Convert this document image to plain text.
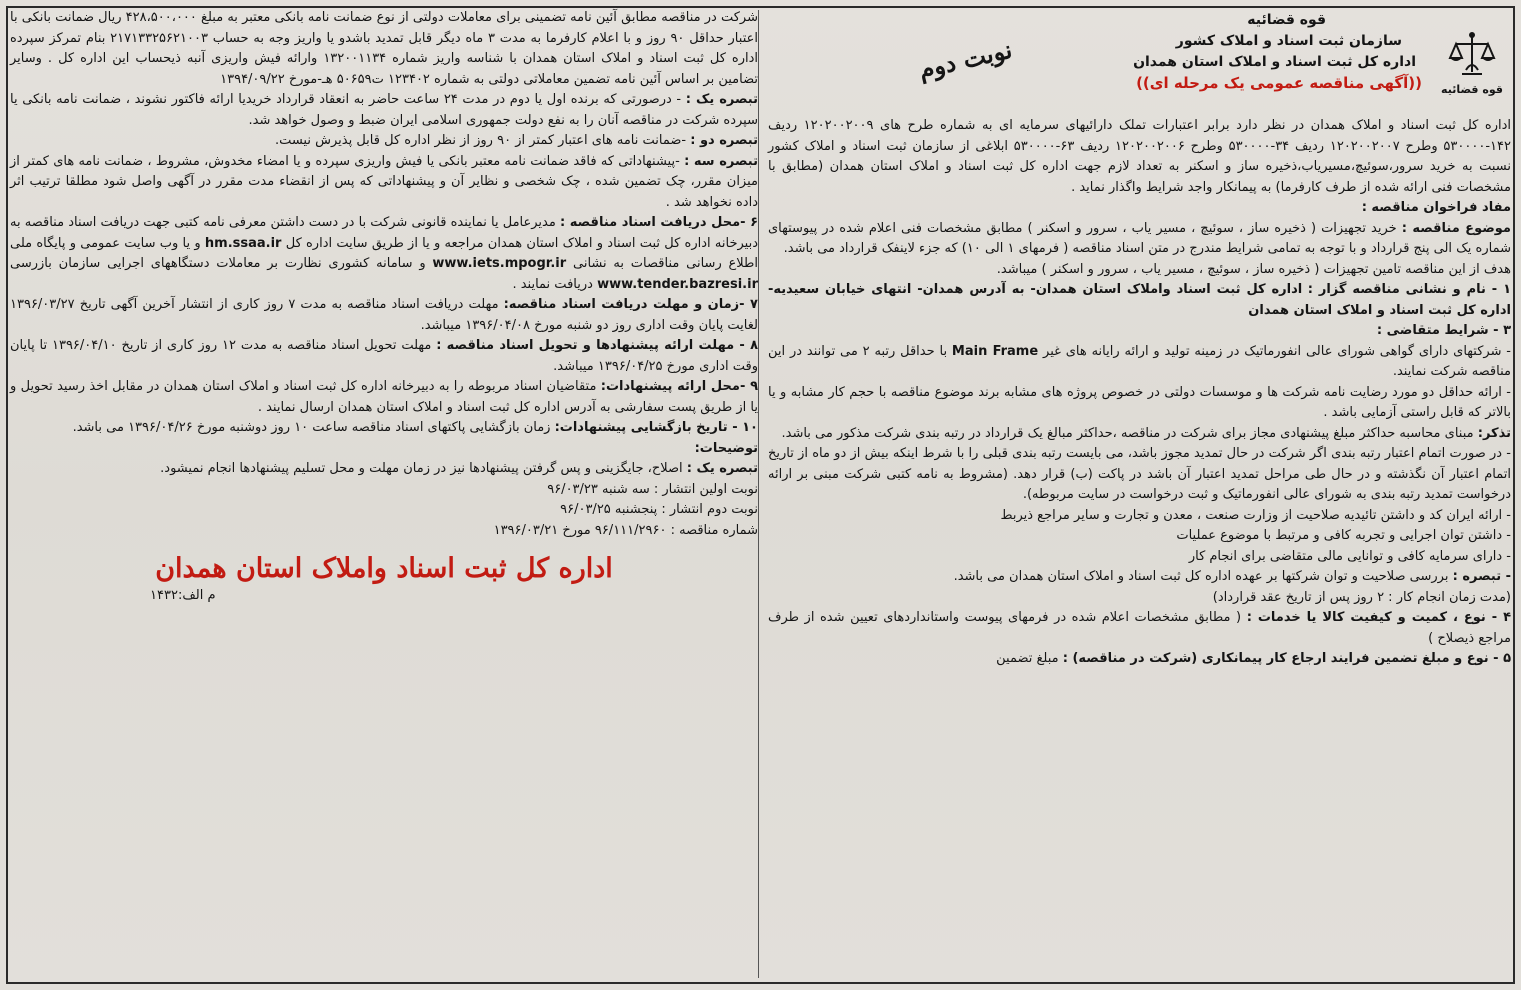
قوه قضائیه
قوه قضائیه
سازمان ثبت اسناد و املاک کشور
اداره کل ثبت اسناد و املاک استان همدان
((آگهی مناقصه عمومی یک مرحله ای))
نوبت دوم

اداره کل ثبت اسناد و املاک همدان در نظر دارد برابر اعتبارات تملک دارائیهای سرمایه ای به شماره طرح های ۱۲۰۲۰۰۲۰۰۹ ردیف ۱۴۲-۵۳۰۰۰۰ وطرح ۱۲۰۲۰۰۲۰۰۷ ردیف ۳۴-۵۳۰۰۰۰ وطرح ۱۲۰۲۰۰۲۰۰۶ ردیف ۶۳-۵۳۰۰۰۰ ابلاغی از سازمان ثبت اسناد و املاک کشور نسبت به خرید سرور،سوئیچ،مسیریاب،ذخیره ساز و اسکنر به تعداد لازم جهت اداره کل ثبت اسناد و املاک استان همدان (مطابق با مشخصات فنی ارائه شده از طرف کارفرما) به پیمانکار واجد شرایط واگذار نماید .

مفاد فراخوان مناقصه :

موضوع مناقصه : خرید تجهیزات ( ذخیره ساز ، سوئیچ ، مسیر یاب ، سرور و اسکنر ) مطابق مشخصات فنی اعلام شده در پیوستهای شماره یک الی پنج قرارداد و با توجه به تمامی شرایط مندرج در متن اسناد مناقصه ( فرمهای ۱ الی ۱۰) که جزء لاینفک قرارداد می باشد.

هدف از این مناقصه تامین تجهیزات ( ذخیره ساز ، سوئیچ ، مسیر یاب ، سرور و اسکنر ) میباشد.

۱ - نام و نشانی مناقصه گزار : اداره کل ثبت اسناد واملاک استان همدان- به آدرس همدان- انتهای خیابان سعیدیه-اداره کل ثبت اسناد و املاک استان همدان

۳ - شرایط متقاضی :

- شرکتهای دارای گواهی شورای عالی انفورماتیک در زمینه تولید و ارائه رایانه های غیر Main Frame با حداقل رتبه ۲ می توانند در این مناقصه شرکت نمایند.

- ارائه حداقل دو مورد رضایت نامه شرکت ها و موسسات دولتی در خصوص پروژه های مشابه برند موضوع مناقصه با حجم کار مشابه و یا بالاتر که قابل راستی آزمایی باشد .

تذکر: مبنای محاسبه حداکثر مبلغ پیشنهادی مجاز برای شرکت در مناقصه ،حداکثر مبالغ یک قرارداد در رتبه بندی شرکت مذکور می باشد.

- در صورت اتمام اعتبار رتبه بندی اگر شرکت در حال تمدید مجوز باشد، می بایست رتبه بندی قبلی را با شرط اینکه بیش از دو ماه از تاریخ اتمام اعتبار آن نگذشته و در حال طی مراحل تمدید اعتبار آن باشد در پاکت (ب) قرار دهد. (مشروط به نامه کتبی شرکت مبنی بر ارائه درخواست تمدید رتبه بندی به شورای عالی انفورماتیک و ثبت درخواست در سایت مربوطه).

- ارائه ایران کد و داشتن تائیدیه صلاحیت از وزارت صنعت ، معدن و تجارت و سایر مراجع ذیربط

- داشتن توان اجرایی و تجربه کافی و مرتبط با موضوع عملیات

- دارای سرمایه کافی و توانایی مالی متقاضی برای انجام کار

- تبصره : بررسی صلاحیت و توان شرکتها بر عهده اداره کل ثبت اسناد و املاک استان همدان می باشد.

(مدت زمان انجام کار : ۲ روز پس از تاریخ عقد قرارداد)

۴ - نوع ، کمیت و کیفیت کالا یا خدمات : ( مطابق مشخصات اعلام شده در فرمهای پیوست واستانداردهای تعیین شده از طرف مراجع ذیصلاح )

۵ - نوع و مبلغ تضمین فرایند ارجاع کار پیمانکاری (شرکت در مناقصه) : مبلغ تضمین

شرکت در مناقصه مطابق آئین نامه تضمینی برای معاملات دولتی از نوع ضمانت نامه بانکی معتبر به مبلغ ۴۲۸،۵۰۰،۰۰۰ ریال ضمانت بانکی با اعتبار حداقل ۹۰ روز و با اعلام کارفرما به مدت ۳ ماه دیگر قابل تمدید باشدو یا واریز وجه به حساب ۲۱۷۱۳۳۲۵۶۲۱۰۰۳ بنام تمرکز سپرده اداره کل ثبت اسناد و املاک استان همدان با شناسه واریز شماره ۱۳۲۰۰۱۱۳۴ وارائه فیش واریزی آنبه ذیحساب این اداره کل . وسایر تضامین بر اساس آئین نامه تضمین معاملاتی دولتی به شماره ۱۲۳۴۰۲ ت۵۰۶۵۹ هـ-مورخ ۱۳۹۴/۰۹/۲۲

تبصره یک : - درصورتی که برنده اول یا دوم در مدت ۲۴ ساعت حاضر به انعقاد قرارداد خریدیا ارائه فاکتور نشوند ، ضمانت نامه بانکی یا سپرده شرکت در مناقصه آنان را به نفع دولت جمهوری اسلامی ایران ضبط و وصول خواهد شد.

تبصره دو : -ضمانت نامه های اعتبار کمتر از ۹۰ روز از نظر اداره کل قابل پذیرش نیست.

تبصره سه : -پیشنهاداتی که فاقد ضمانت نامه معتبر بانکی یا فیش واریزی سپرده و یا امضاء مخدوش، مشروط ، ضمانت نامه های کمتر از میزان مقرر، چک تضمین شده ، چک شخصی و نظایر آن و پیشنهاداتی که پس از انقضاء مدت مقرر در آگهی واصل شود مطلقا ترتیب اثر داده نخواهد شد .

۶ -محل دریافت اسناد مناقصه : مدیرعامل یا نماینده قانونی شرکت با در دست داشتن معرفی نامه کتبی جهت دریافت اسناد مناقصه به دبیرخانه اداره کل ثبت اسناد و املاک استان همدان مراجعه و یا از طریق سایت اداره کل hm.ssaa.ir و یا وب سایت عمومی و پایگاه ملی اطلاع رسانی مناقصات به نشانی www.iets.mpogr.ir و سامانه کشوری نظارت بر معاملات دستگاههای اجرایی سازمان بازرسی www.tender.bazresi.ir دریافت نمایند .

۷ -زمان و مهلت دریافت اسناد مناقصه: مهلت دریافت اسناد مناقصه به مدت ۷ روز کاری از انتشار آخرین آگهی تاریخ ۱۳۹۶/۰۳/۲۷ لغایت پایان وقت اداری روز دو شنبه مورخ ۱۳۹۶/۰۴/۰۸ میباشد.

۸ - مهلت ارائه پیشنهادها و تحویل اسناد مناقصه : مهلت تحویل اسناد مناقصه به مدت ۱۲ روز کاری از تاریخ ۱۳۹۶/۰۴/۱۰ تا پایان وقت اداری مورخ ۱۳۹۶/۰۴/۲۵ میباشد.

۹ -محل ارائه پیشنهادات: متقاضیان اسناد مربوطه را به دبیرخانه اداره کل ثبت اسناد و املاک استان همدان در مقابل اخذ رسید تحویل و یا از طریق پست سفارشی به آدرس اداره کل ثبت اسناد و املاک استان همدان ارسال نمایند .

۱۰ - تاریخ بازگشایی پیشنهادات: زمان بازگشایی پاکتهای اسناد مناقصه ساعت ۱۰ روز دوشنبه مورخ ۱۳۹۶/۰۴/۲۶ می باشد.

توضیحات:

تبصره یک : اصلاح، جایگزینی و پس گرفتن پیشنهادها نیز در زمان مهلت و محل تسلیم پیشنهادها انجام نمیشود.

نوبت اولین انتشار : سه شنبه ۹۶/۰۳/۲۳

نوبت دوم انتشار : پنجشنبه ۹۶/۰۳/۲۵

شماره مناقصه : ۹۶/۱۱۱/۲۹۶۰ مورخ ۱۳۹۶/۰۳/۲۱

اداره کل ثبت اسناد واملاک استان همدان
م الف:۱۴۳۲
